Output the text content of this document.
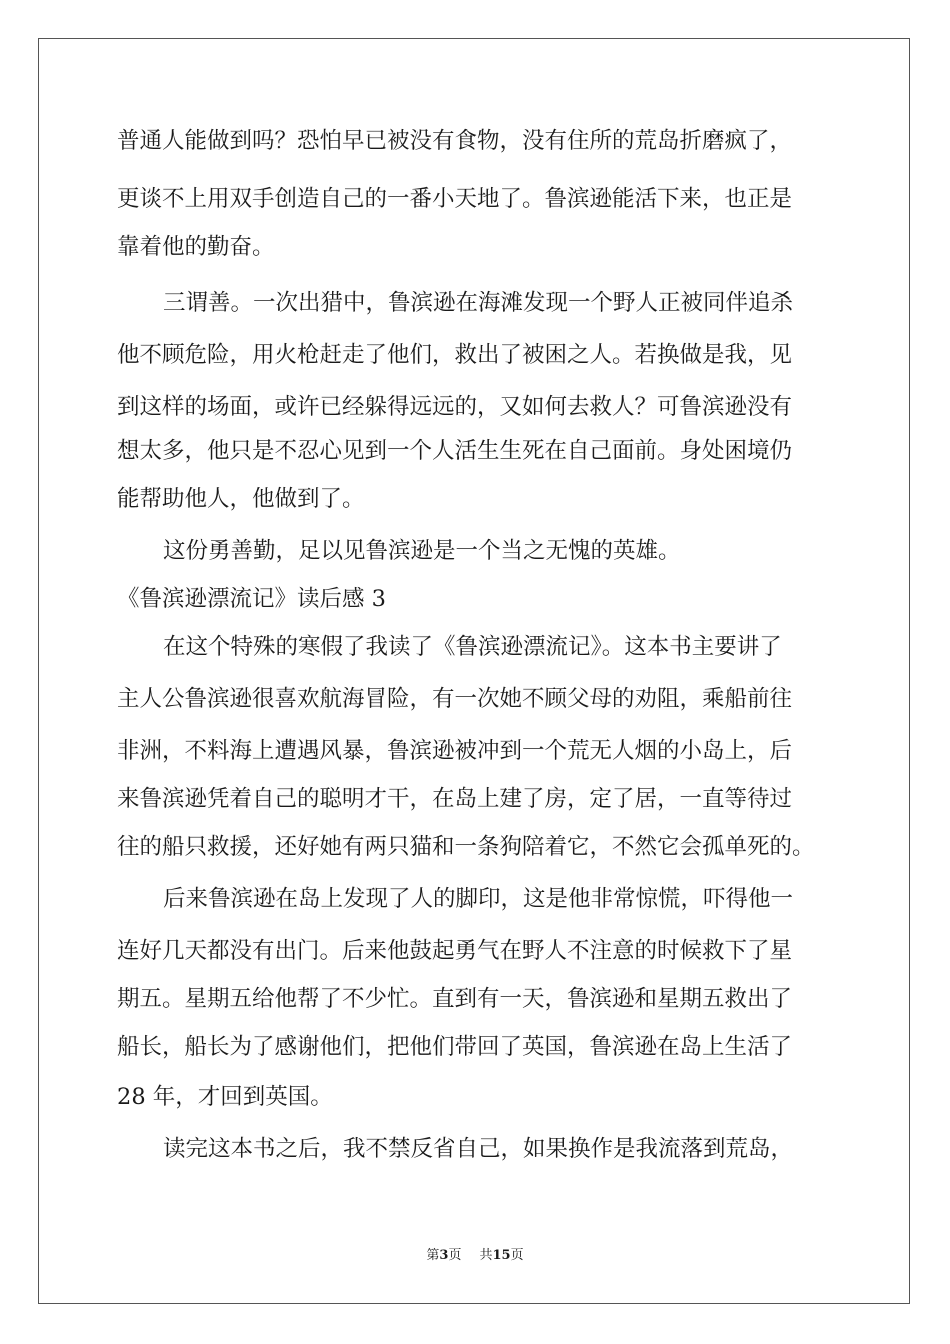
普通人能做到吗？恐怕早已被没有食物，没有住所的荒岛折磨疯了，
更谈不上用双手创造自己的一番小天地了。鲁滨逊能活下来，也正是
靠着他的勤奋。
三谓善。一次出猎中，鲁滨逊在海滩发现一个野人正被同伴追杀
他不顾危险，用火枪赶走了他们，救出了被困之人。若换做是我，见
到这样的场面，或许已经躲得远远的，又如何去救人？可鲁滨逊没有
想太多，他只是不忍心见到一个人活生生死在自己面前。身处困境仍
能帮助他人，他做到了。
这份勇善勤，足以见鲁滨逊是一个当之无愧的英雄。
《鲁滨逊漂流记》读后感 3
在这个特殊的寒假了我读了《鲁滨逊漂流记》。这本书主要讲了
主人公鲁滨逊很喜欢航海冒险，有一次她不顾父母的劝阻，乘船前往
非洲，不料海上遭遇风暴，鲁滨逊被冲到一个荒无人烟的小岛上，后
来鲁滨逊凭着自己的聪明才干，在岛上建了房，定了居，一直等待过
往的船只救援，还好她有两只猫和一条狗陪着它，不然它会孤单死的。
后来鲁滨逊在岛上发现了人的脚印，这是他非常惊慌，吓得他一
连好几天都没有出门。后来他鼓起勇气在野人不注意的时候救下了星
期五。星期五给他帮了不少忙。直到有一天，鲁滨逊和星期五救出了
船长，船长为了感谢他们，把他们带回了英国，鲁滨逊在岛上生活了
28 年，才回到英国。
读完这本书之后，我不禁反省自己，如果换作是我流落到荒岛，
第3页 共15页
